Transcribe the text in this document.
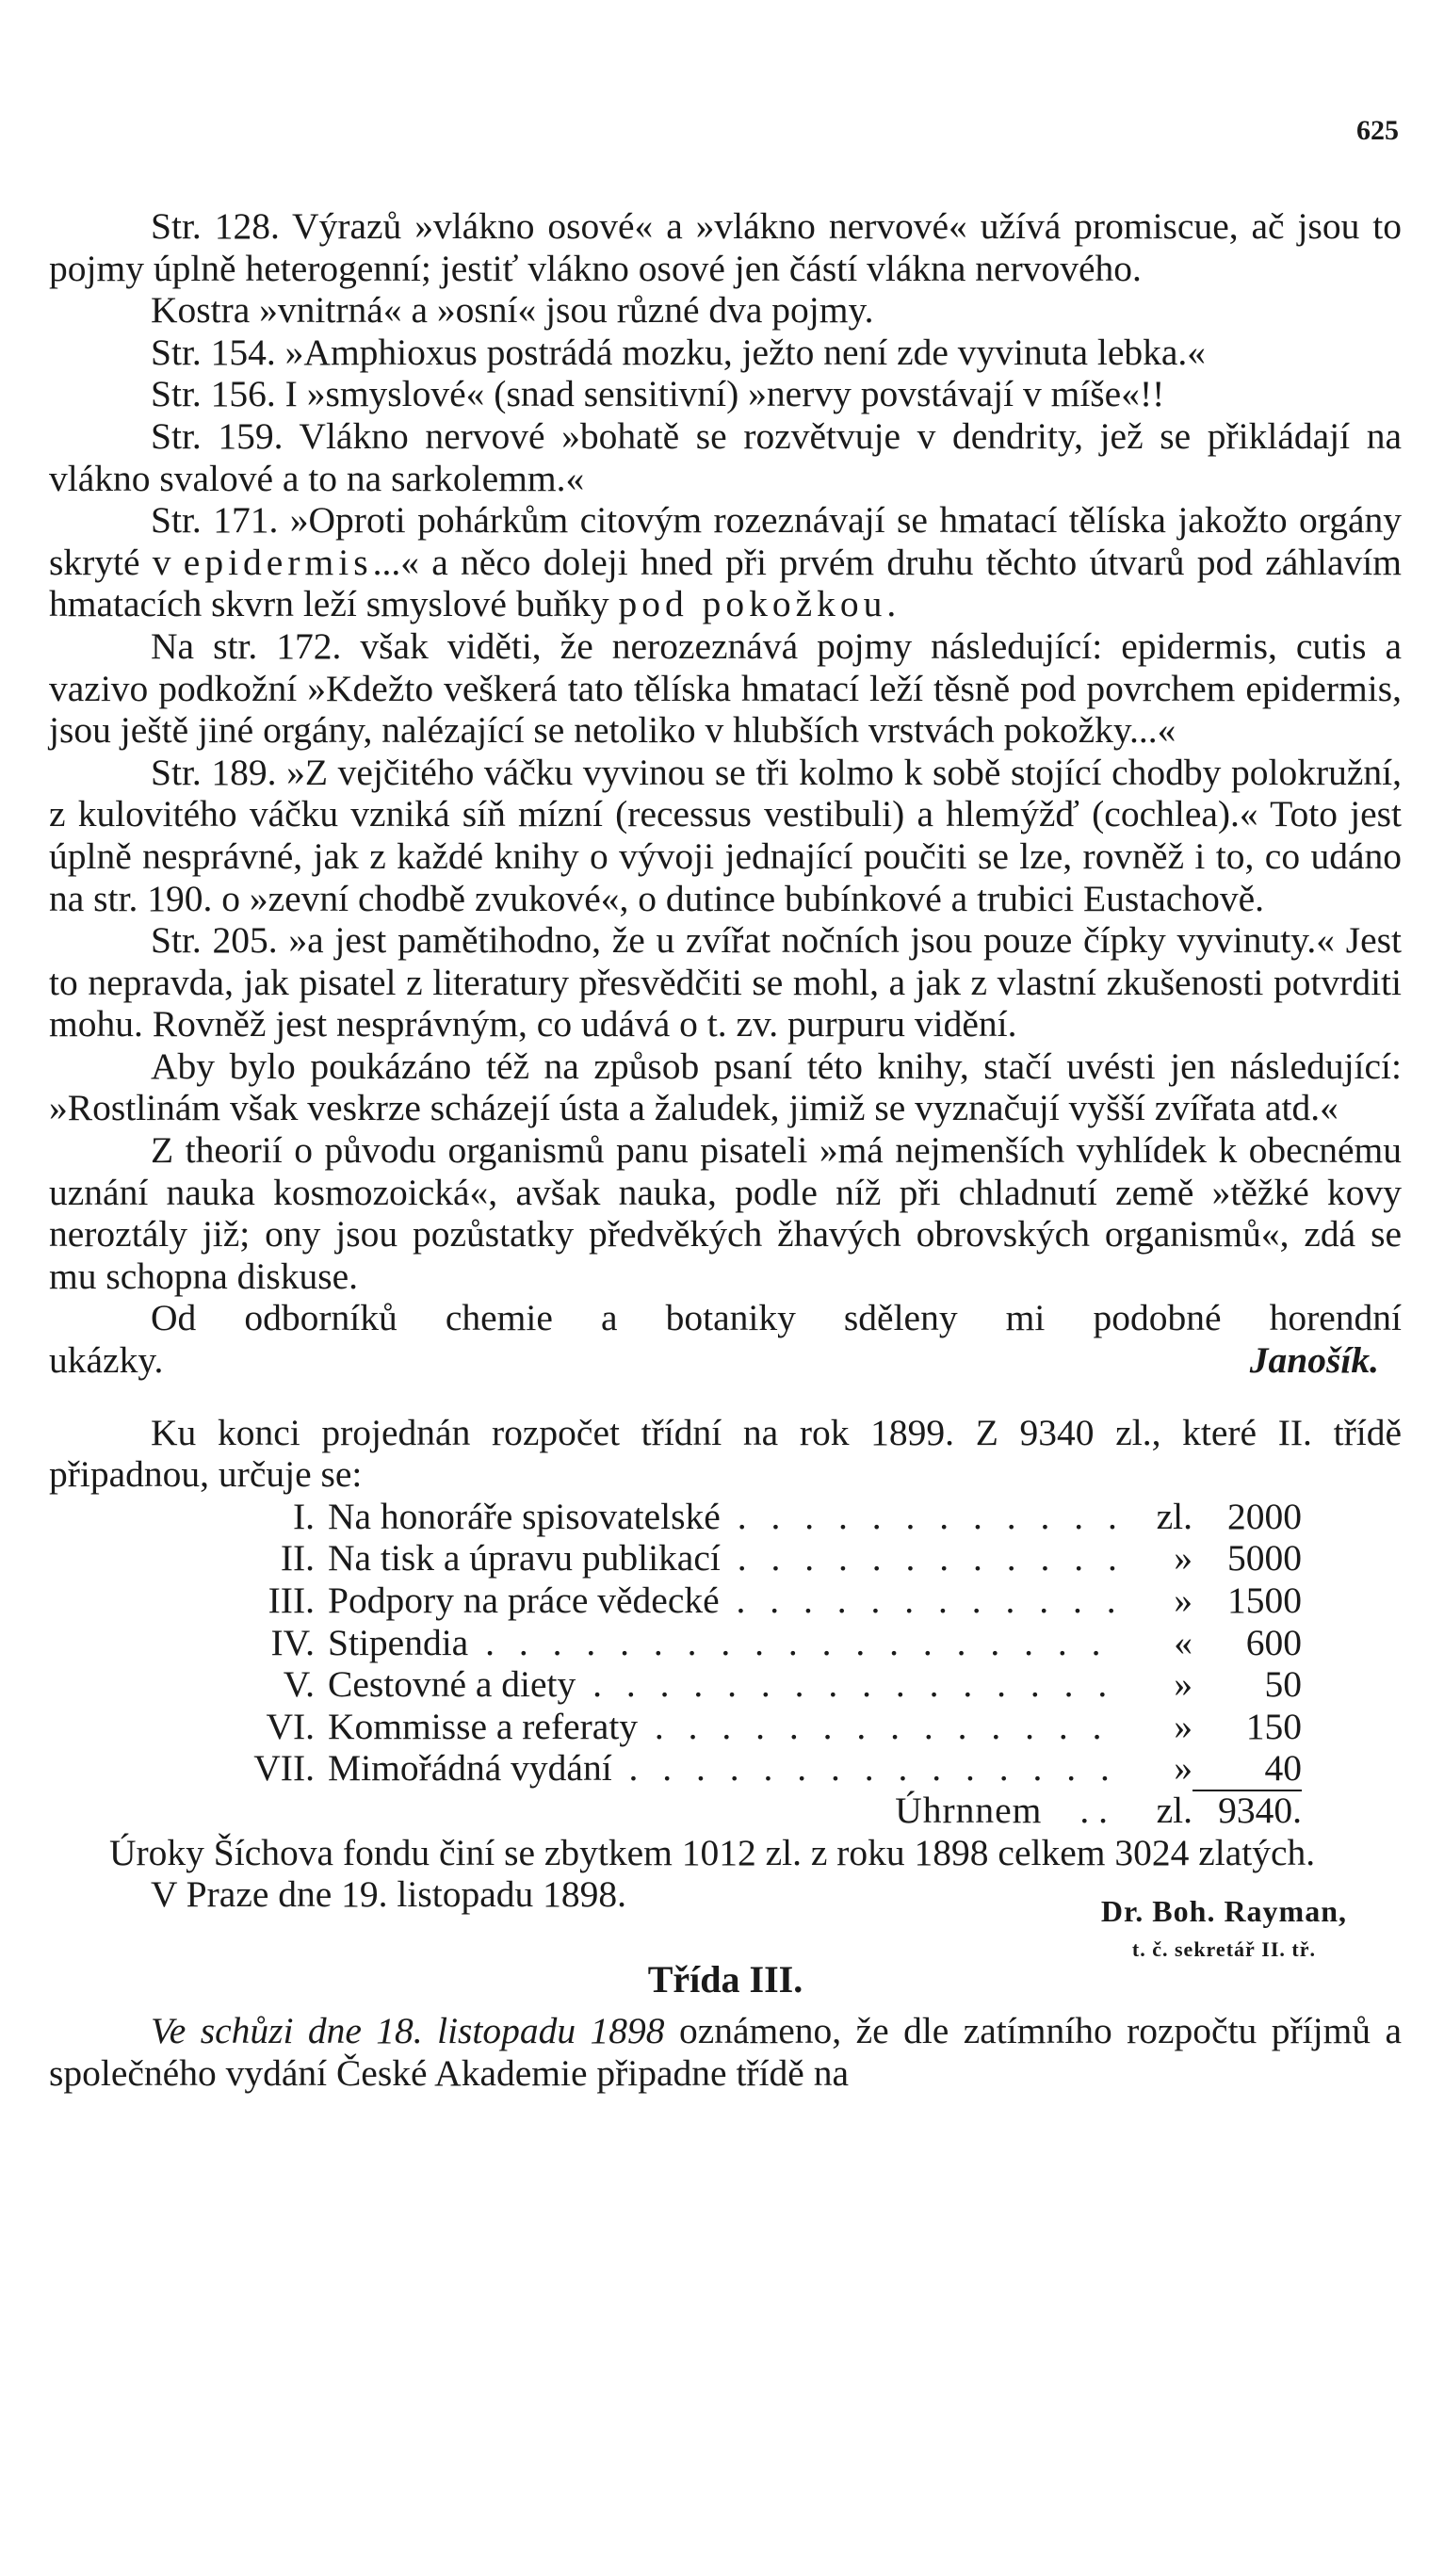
625

Str. 128. Výrazů »vlákno osové« a »vlákno nervové« užívá promiscue, ač jsou to pojmy úplně heterogenní; jestiť vlákno osové jen částí vlákna nervového.

Kostra »vnitrná« a »osní« jsou různé dva pojmy.

Str. 154. »Amphioxus postrádá mozku, ježto není zde vyvinuta lebka.«

Str. 156. I »smyslové« (snad sensitivní) »nervy povstávají v míše«!!

Str. 159. Vlákno nervové »bohatě se rozvětvuje v dendrity, jež se přikládají na vlákno svalové a to na sarkolemm.«

Str. 171. »Oproti pohárkům citovým rozeznávají se hmatací tělíska jakožto orgány skryté v epidermis...« a něco doleji hned při prvém druhu těchto útvarů pod záhlavím hmatacích skvrn leží smyslové buňky pod pokožkou.

Na str. 172. však viděti, že nerozeznává pojmy následující: epidermis, cutis a vazivo podkožní »Kdežto veškerá tato tělíska hmatací leží těsně pod povrchem epidermis, jsou ještě jiné orgány, nalézající se netoliko v hlubších vrstvách pokožky...«

Str. 189. »Z vejčitého váčku vyvinou se tři kolmo k sobě stojící chodby polokružní, z kulovitého váčku vzniká síň mízní (recessus vestibuli) a hlemýžď (cochlea).« Toto jest úplně nesprávné, jak z každé knihy o vývoji jednající poučiti se lze, rovněž i to, co udáno na str. 190. o »zevní chodbě zvukové«, o dutince bubínkové a trubici Eustachově.

Str. 205. »a jest pamětihodno, že u zvířat nočních jsou pouze čípky vyvinuty.« Jest to nepravda, jak pisatel z literatury přesvědčiti se mohl, a jak z vlastní zkušenosti potvrditi mohu. Rovněž jest nesprávným, co udává o t. zv. purpuru vidění.

Aby bylo poukázáno též na způsob psaní této knihy, stačí uvésti jen následující: »Rostlinám však veskrze scházejí ústa a žaludek, jimiž se vyznačují vyšší zvířata atd.«

Z theorií o původu organismů panu pisateli »má nejmenších vyhlídek k obecnému uznání nauka kosmozoická«, avšak nauka, podle níž při chladnutí země »těžké kovy neroztály již; ony jsou pozůstatky předvěkých žhavých obrovských organismů«, zdá se mu schopna diskuse.

Od odborníků chemie a botaniky sděleny mi podobné horendní

ukázky.	Janošík.

Ku konci projednán rozpočet třídní na rok 1899. Z 9340 zl., které II. třídě připadnou, určuje se:

I. Na honoráře spisovatelské . . .	zl. 2000
II. Na tisk a úpravu publikací . . .	» 5000
III. Podpory na práce vědecké . . .	» 1500
IV. Stipendia . . .	«	600
V. Cestovné a diety . . .	»	50
VI. Kommisse a referaty . . .	»	150
VII. Mimořádná vydání . . .	»	40
Úhrnnem . .	zl. 9340.

Úroky Šíchova fondu činí se zbytkem 1012 zl. z roku 1898 celkem 3024 zlatých.

V Praze dne 19. listopadu 1898.	Dr. Boh. Rayman,
t. č. sekretář II. tř.
Třída III.

Ve schůzi dne 18. listopadu 1898 oznámeno, že dle zatímního rozpočtu příjmů a společného vydání České Akademie připadne třídě na
